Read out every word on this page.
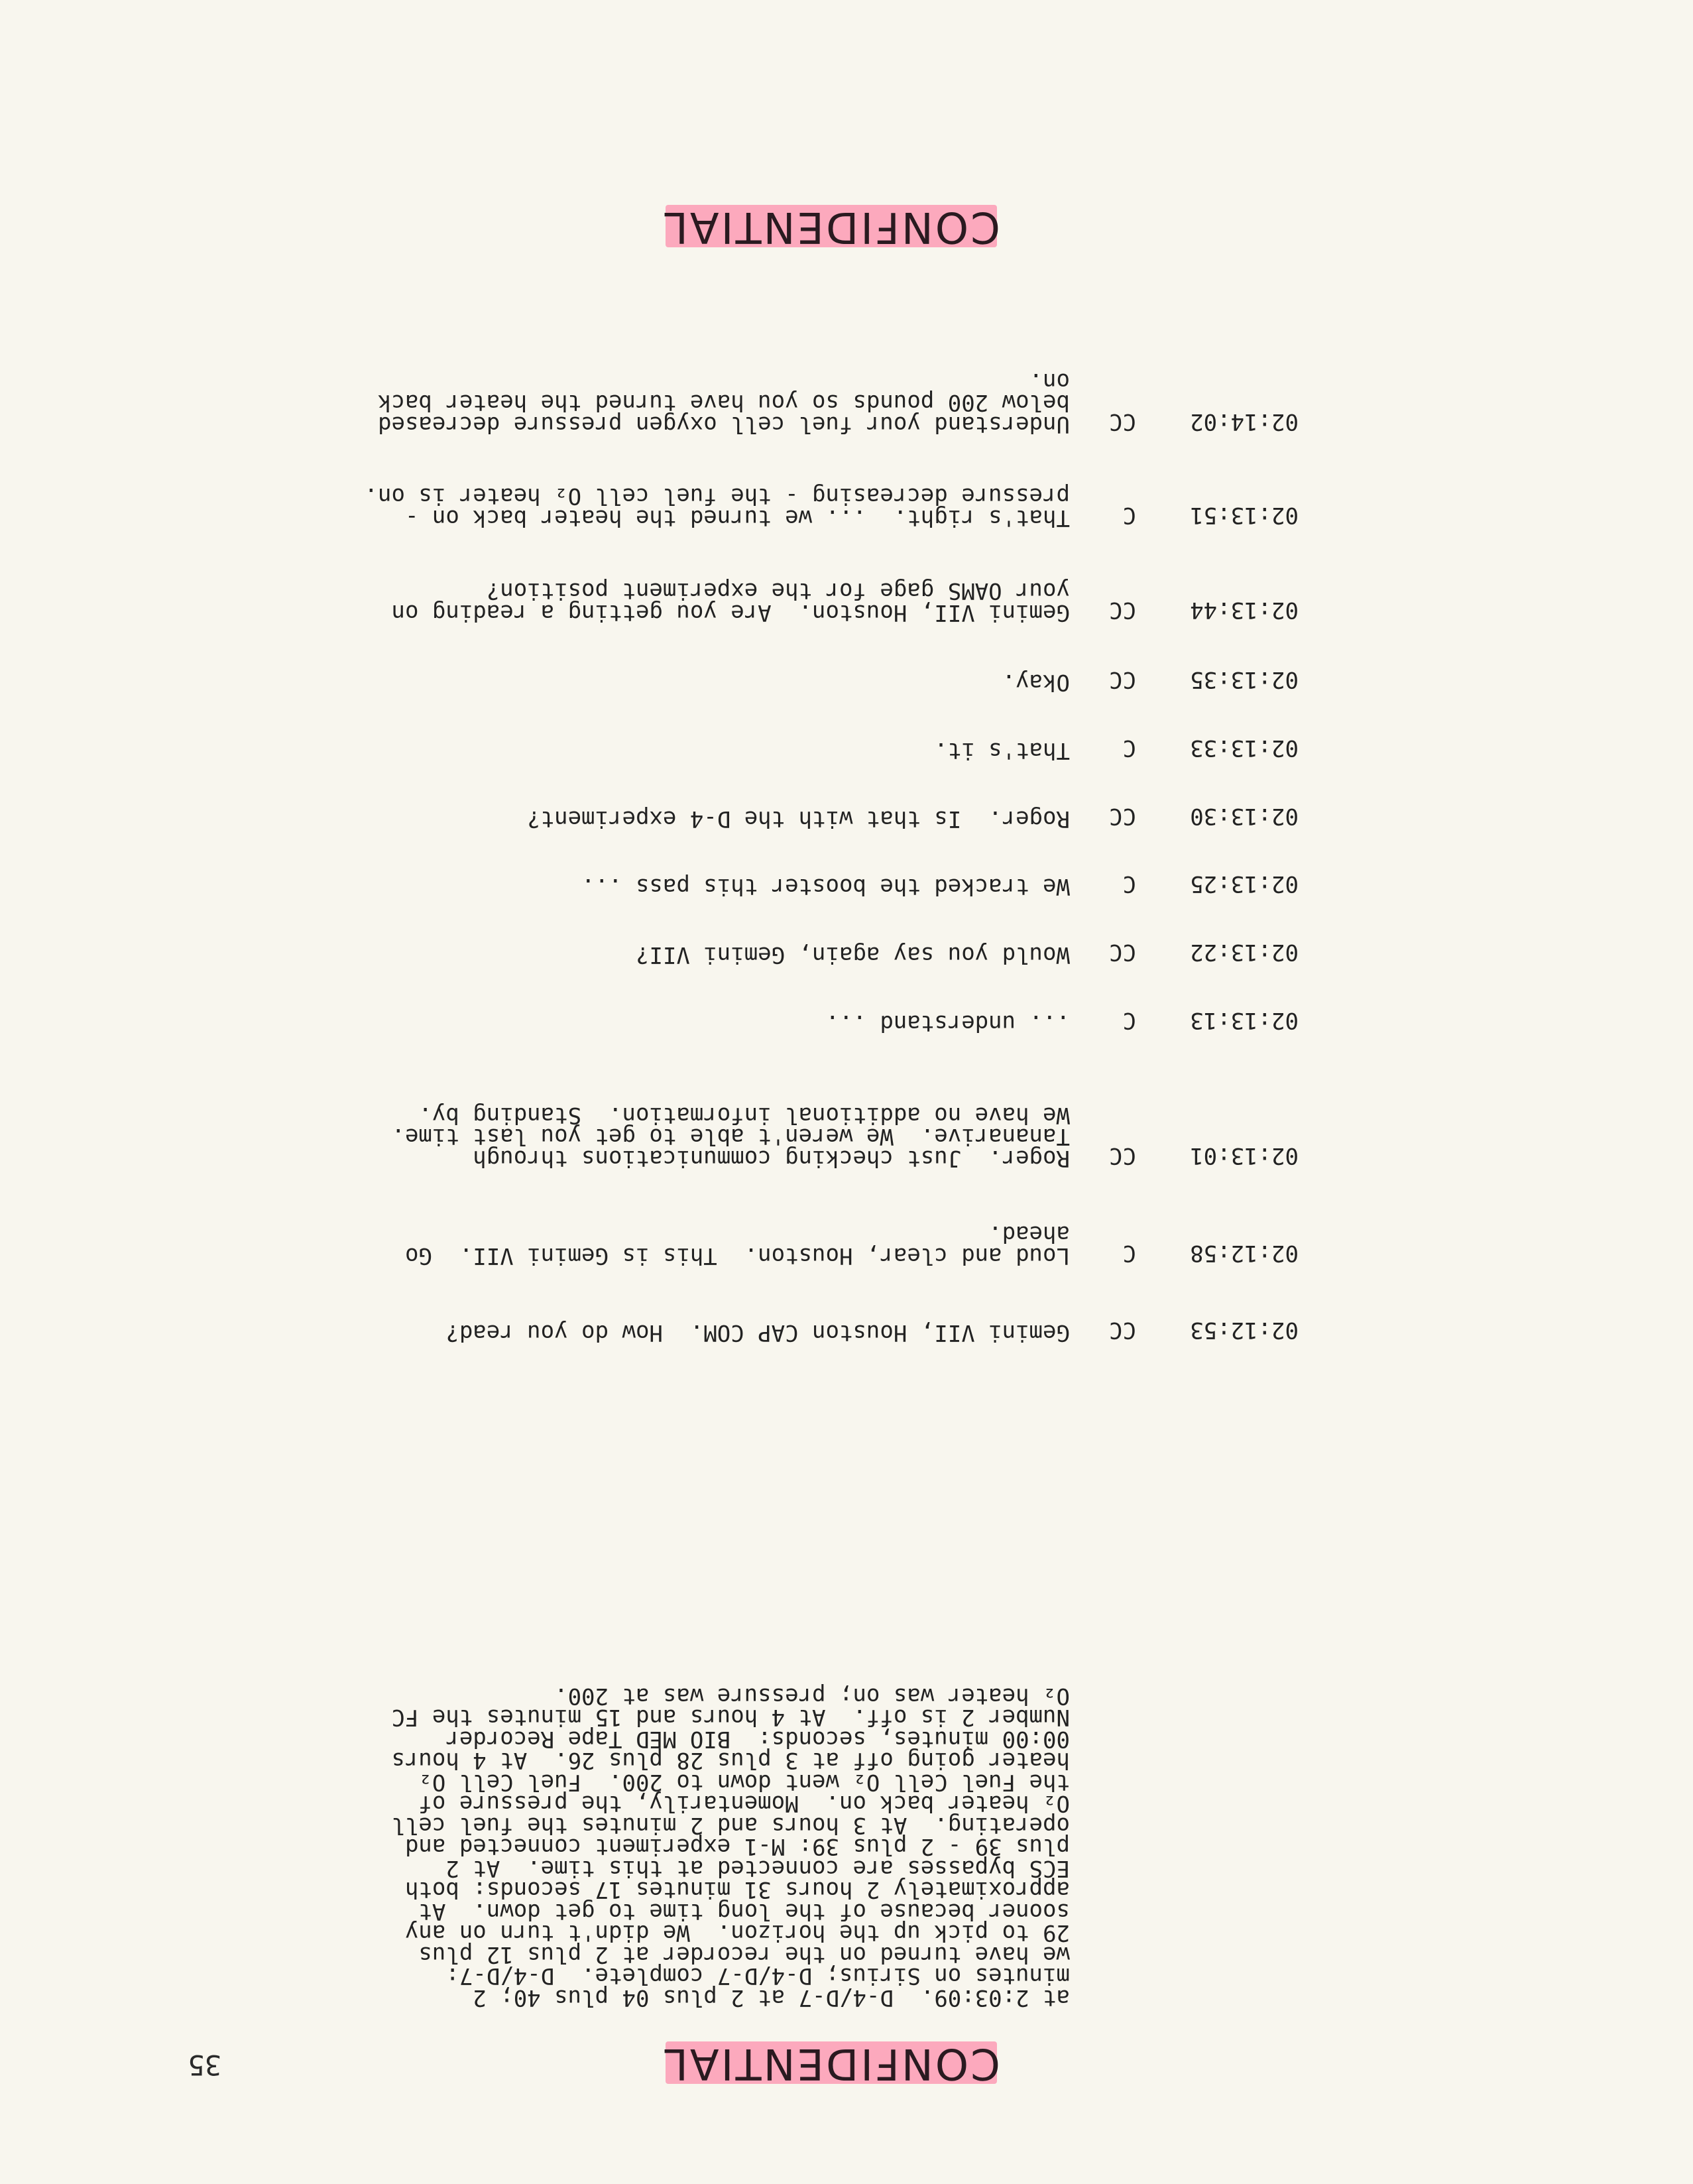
35	CONFIDENTIAL
at 2:03:09.  D-4/D-7 at 2 plus 04 plus 40; 2
minutes on Sirius; D-4/D-7 complete.  D-4/D-7:
we have turned on the recorder at 2 plus 12 plus
29 to pick up the horizon.  We didn't turn on any
sooner because of the long time to get down.  At
approximately 2 hours 31 minutes 17 seconds: both
ECS bypasses are connected at this time.  At 2
plus 39 - 2 plus 39: M-1 experiment connected and
operating.  At 3 hours and 2 minutes the fuel cell
O₂ heater back on.  Momentarily, the pressure of
the Fuel Cell O₂ went down to 200.  Fuel Cell O₂
heater going off at 3 plus 28 plus 26.  At 4 hours
00:00 minutes, seconds:  BIO MED Tape Recorder
Number 2 is off.  At 4 hours and 15 minutes the FC
O₂ heater was on; pressure was at 200.
02:12:53
CC
Gemini VII, Houston CAP COM.  How do you read?
02:12:58
C
Loud and clear, Houston.  This is Gemini VII.  Go
ahead.
02:13:01
CC
Roger.  Just checking communications through
Tananarive.  We weren't able to get you last time.
We have no additional information.  Standing by.
02:13:13
C
... understand ...
02:13:22
CC
Would you say again, Gemini VII?
02:13:25
C
We tracked the booster this pass ...
02:13:30
CC
Roger.  Is that with the D-4 experiment?
02:13:33
C
That's it.
02:13:35
CC
Okay.
02:13:44
CC
Gemini VII, Houston.  Are you getting a reading on
your OAMS gage for the experiment position?
02:13:51
C
That's right.  ... we turned the heater back on -
pressure decreasing - the fuel cell O₂ heater is on.
02:14:02
CC
Understand your fuel cell oxygen pressure decreased
below 200 pounds so you have turned the heater back
on.
CONFIDENTIAL
